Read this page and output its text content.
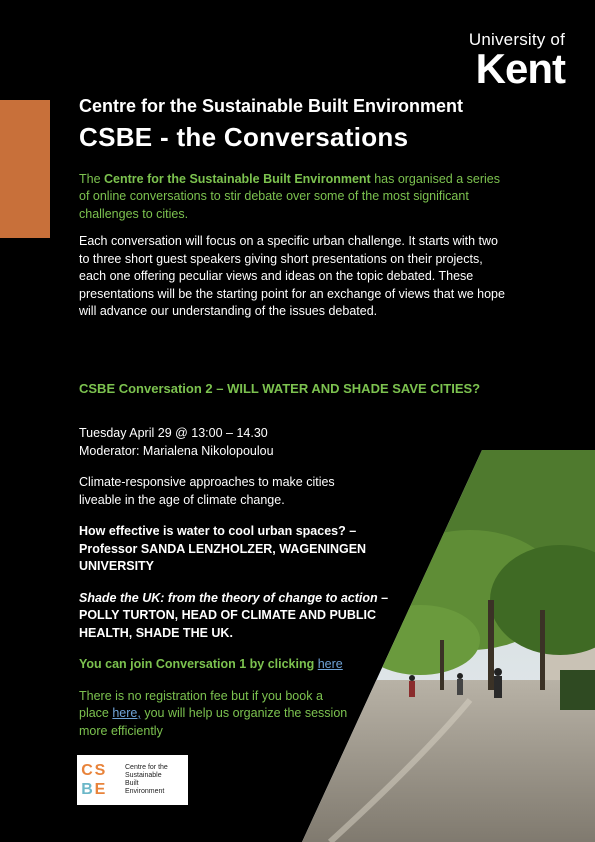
University of
Kent
Centre for the Sustainable Built Environment
CSBE - the Conversations

The Centre for the Sustainable Built Environment has organised a series of online conversations to stir debate over some of the most significant challenges to cities.

Each conversation will focus on a specific urban challenge. It starts with two to three short guest speakers giving short presentations on their projects, each one offering peculiar views and ideas on the topic debated. These presentations will be the starting point for an exchange of views that we hope will advance our understanding of the issues debated.

CSBE Conversation 2 – WILL WATER AND SHADE SAVE CITIES?

Tuesday April 29 @ 13:00 – 14.30
Moderator: Marialena Nikolopoulou

Climate-responsive approaches to make cities liveable in the age of climate change.

How effective is water to cool urban spaces? – Professor SANDA LENZHOLZER, WAGENINGEN UNIVERSITY

Shade the UK: from the theory of change to action – POLLY TURTON, HEAD OF CLIMATE AND PUBLIC HEALTH, SHADE THE UK.

You can join Conversation 1 by clicking here

There is no registration fee but if you book a place here, you will help us organize the session more efficiently

C S
B E
Centre for the
Sustainable
Built
Environment
